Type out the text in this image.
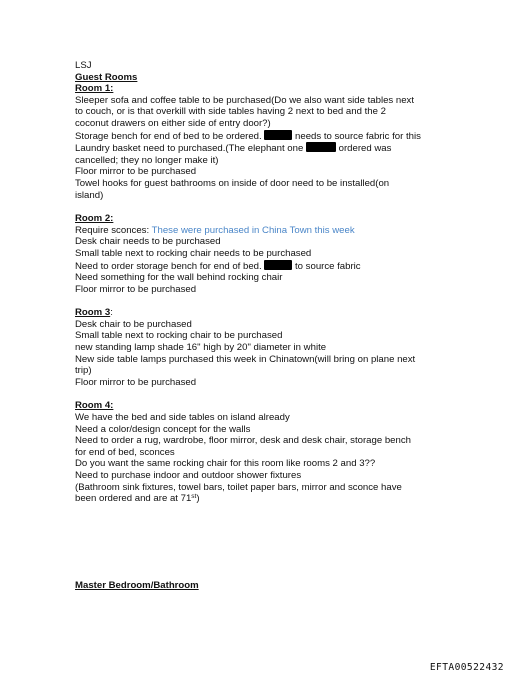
LSJ
Guest Rooms
Room 1:
Sleeper sofa and coffee table to be purchased(Do we also want side tables next
to couch, or is that overkill with side tables having 2 next to bed and the 2
coconut drawers on either side of entry door?)
Storage bench for end of bed to be ordered.	needs to source fabric for this
Laundry basket need to purchased.(The elephant one	ordered was
cancelled; they no longer make it)
Floor mirror to be purchased
Towel hooks for guest bathrooms on inside of door need to be installed(on
island)
Room 2:
Require sconces: These were purchased in China Town this week
Desk chair needs to be purchased
Small table next to rocking chair needs to be purchased
Need to order storage bench for end of bed.	to source fabric
Need something for the wall behind rocking chair
Floor mirror to be purchased
Room 3:
Desk chair to be purchased
Small table next to rocking chair to be purchased
new standing lamp shade 16" high by 20" diameter in white
New side table lamps purchased this week in Chinatown(will bring on plane next
trip)
Floor mirror to be purchased
Room 4:
We have the bed and side tables on island already
Need a color/design concept for the walls
Need to order a rug, wardrobe, floor mirror, desk and desk chair, storage bench
for end of bed, sconces
Do you want the same rocking chair for this room like rooms 2 and 3??
Need to purchase indoor and outdoor shower fixtures
(Bathroom sink fixtures, towel bars, toilet paper bars, mirror and sconce have
been ordered and are at 71st)
Master Bedroom/Bathroom
EFTA00522432
